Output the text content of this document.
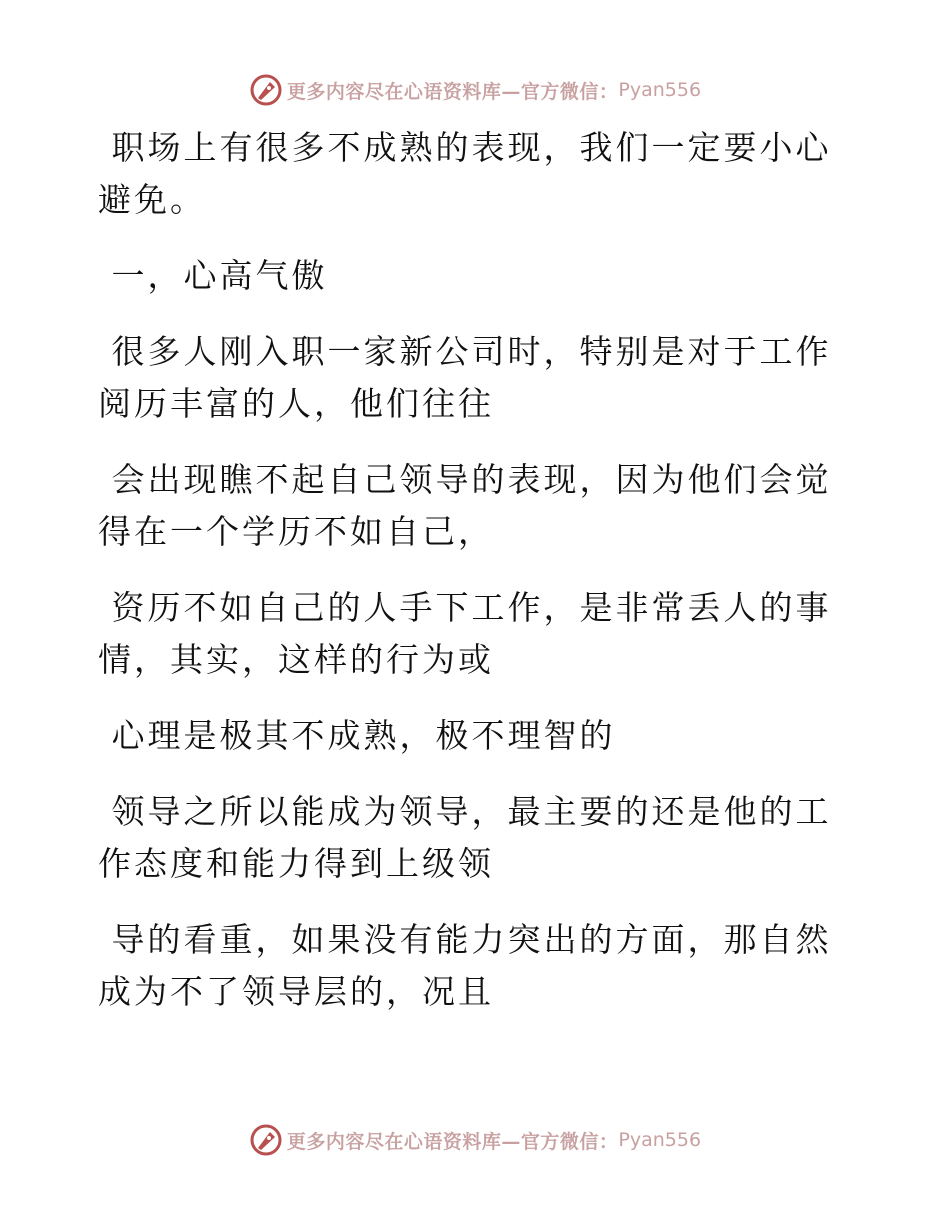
更多内容尽在心语资料库—官方微信： Pyan556

职场上有很多不成熟的表现，我们一定要小心避免。

一，心高气傲

很多人刚入职一家新公司时，特别是对于工作阅历丰富的人，他们往往

会出现瞧不起自己领导的表现，因为他们会觉得在一个学历不如自己，

资历不如自己的人手下工作，是非常丢人的事情，其实，这样的行为或

心理是极其不成熟，极不理智的

领导之所以能成为领导，最主要的还是他的工作态度和能力得到上级领

导的看重，如果没有能力突出的方面，那自然成为不了领导层的，况且

更多内容尽在心语资料库—官方微信： Pyan556
